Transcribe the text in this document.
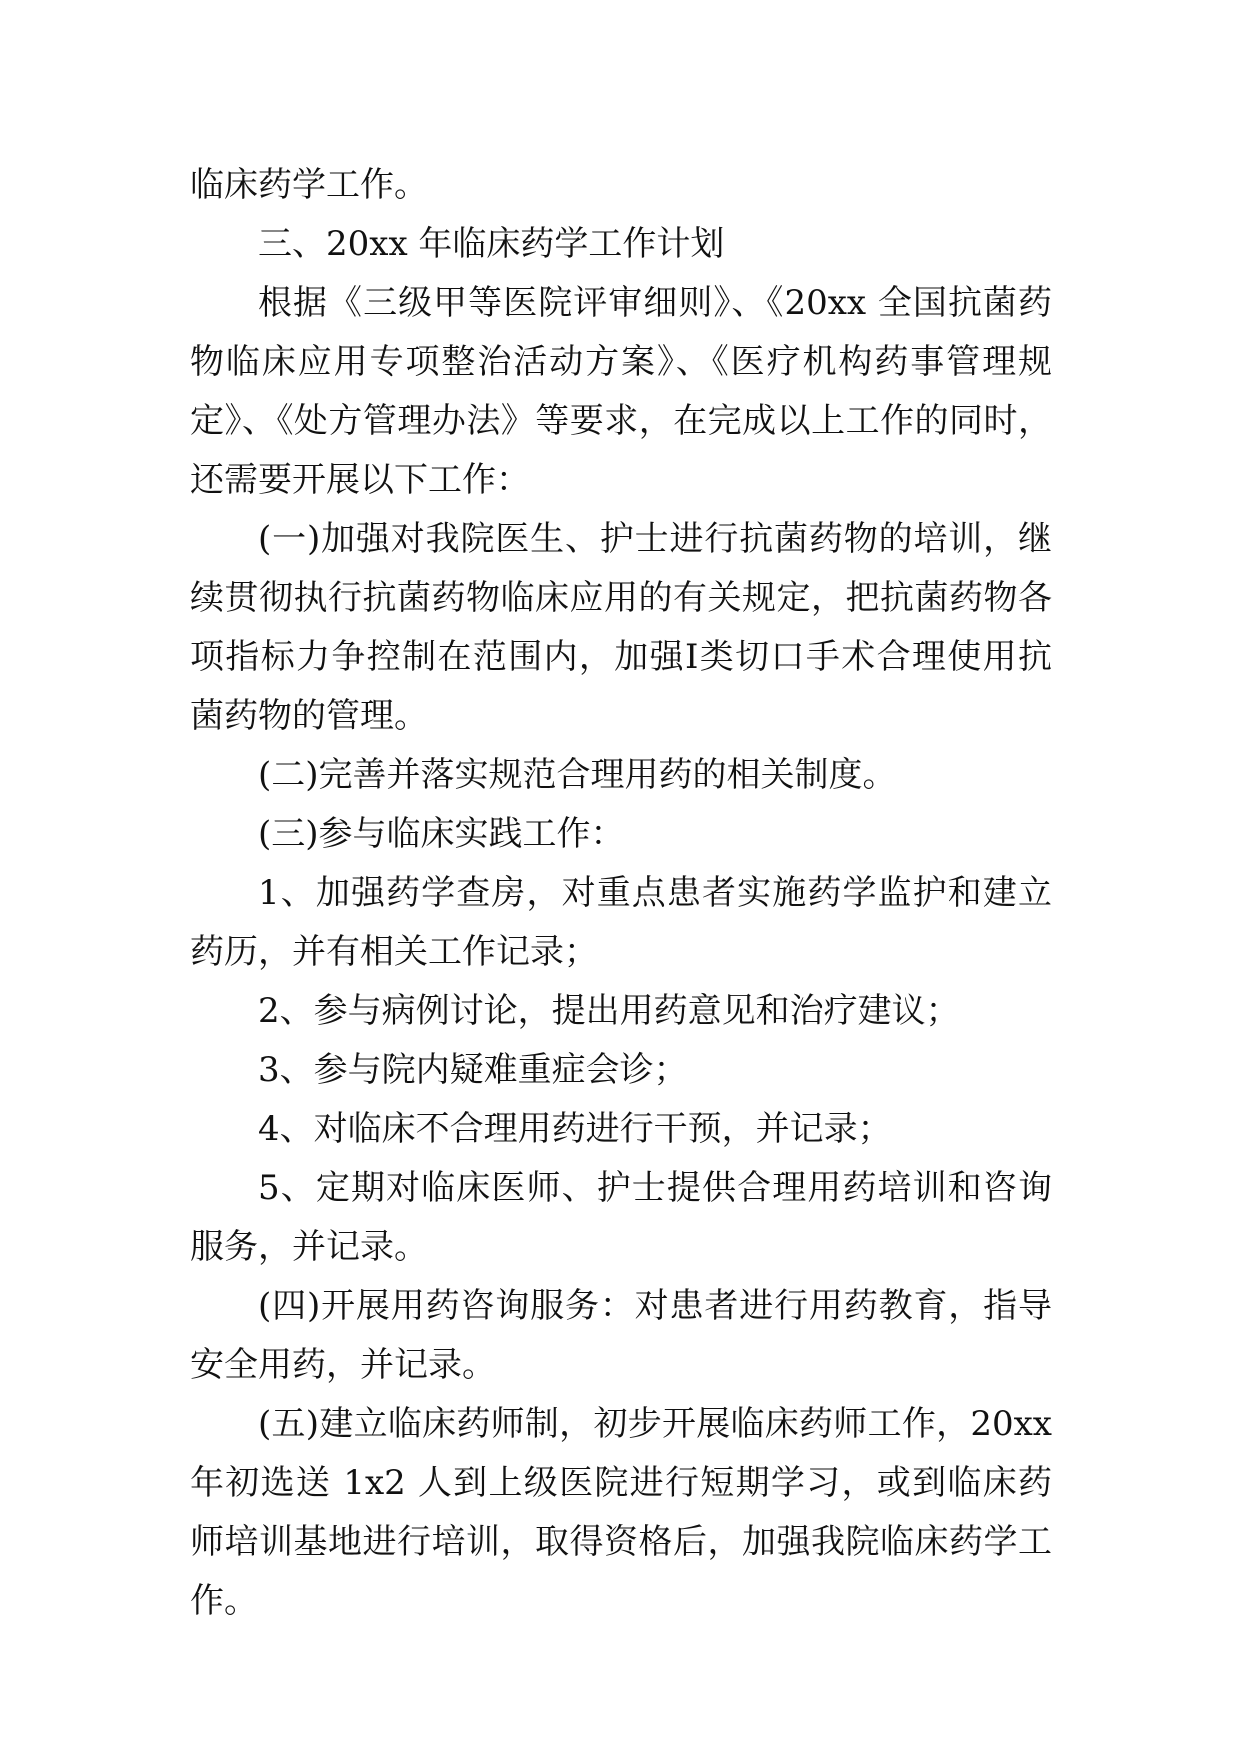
临床药学工作。

三、20xx 年临床药学工作计划

根据《三级甲等医院评审细则》、《20xx 全国抗菌药物临床应用专项整治活动方案》、《医疗机构药事管理规定》、《处方管理办法》等要求，在完成以上工作的同时，还需要开展以下工作：

(一)加强对我院医生、护士进行抗菌药物的培训，继续贯彻执行抗菌药物临床应用的有关规定，把抗菌药物各项指标力争控制在范围内，加强Ⅰ类切口手术合理使用抗菌药物的管理。

(二)完善并落实规范合理用药的相关制度。

(三)参与临床实践工作：

1、加强药学查房，对重点患者实施药学监护和建立药历，并有相关工作记录；

2、参与病例讨论，提出用药意见和治疗建议；

3、参与院内疑难重症会诊；

4、对临床不合理用药进行干预，并记录；

5、定期对临床医师、护士提供合理用药培训和咨询服务，并记录。

(四)开展用药咨询服务：对患者进行用药教育，指导安全用药，并记录。

(五)建立临床药师制，初步开展临床药师工作，20xx 年初选送 1x2 人到上级医院进行短期学习，或到临床药师培训基地进行培训，取得资格后，加强我院临床药学工作。
